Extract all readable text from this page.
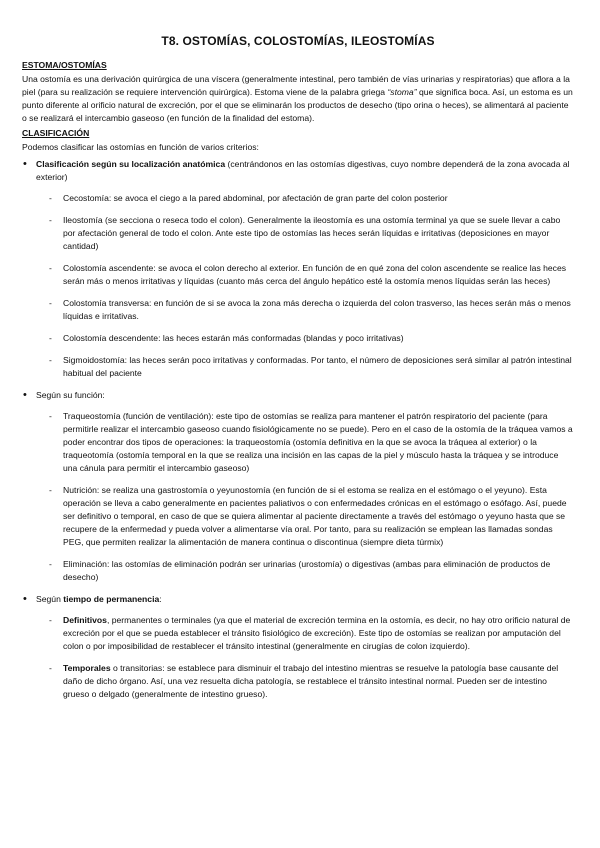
T8. OSTOMÍAS, COLOSTOMÍAS, ILEOSTOMÍAS
ESTOMA/OSTOMÍAS

Una ostomía es una derivación quirúrgica de una víscera (generalmente intestinal, pero también de vías urinarias y respiratorias) que aflora a la piel (para su realización se requiere intervención quirúrgica). Estoma viene de la palabra griega “stoma” que significa boca. Así, un estoma es un punto diferente al orificio natural de excreción, por el que se eliminarán los productos de desecho (tipo orina o heces), se alimentará al paciente o se realizará el intercambio gaseoso (en función de la finalidad del estoma).

CLASIFICACIÓN

Podemos clasificar las ostomías en función de varios criterios:

• Clasificación según su localización anatómica (centrándonos en las ostomías digestivas, cuyo nombre dependerá de la zona avocada al exterior)
- Cecostomía: se avoca el ciego a la pared abdominal, por afectación de gran parte del colon posterior
- Ileostomía (se secciona o reseca todo el colon). Generalmente la ileostomía es una ostomía terminal ya que se suele llevar a cabo por afectación general de todo el colon. Ante este tipo de ostomías las heces serán líquidas e irritativas (deposiciones en mayor cantidad)
- Colostomía ascendente: se avoca el colon derecho al exterior. En función de en qué zona del colon ascendente se realice las heces serán más o menos irritativas y líquidas (cuanto más cerca del ángulo hepático esté la ostomía menos líquidas serán las heces)
- Colostomía transversa: en función de si se avoca la zona más derecha o izquierda del colon trasverso, las heces serán más o menos líquidas e irritativas.
- Colostomía descendente: las heces estarán más conformadas (blandas y poco irritativas)
- Sigmoidostomía: las heces serán poco irritativas y conformadas. Por tanto, el número de deposiciones será similar al patrón intestinal habitual del paciente
• Según su función:
- Traqueostomía (función de ventilación): este tipo de ostomías se realiza para mantener el patrón respiratorio del paciente (para permitirle realizar el intercambio gaseoso cuando fisiológicamente no se puede). Pero en el caso de la ostomía de la tráquea vamos a poder encontrar dos tipos de operaciones: la traqueostomía (ostomía definitiva en la que se avoca la tráquea al exterior) o la traqueotomía (ostomía temporal en la que se realiza una incisión en las capas de la piel y músculo hasta la tráquea y se introduce una cánula para permitir el intercambio gaseoso)
- Nutrición: se realiza una gastrostomía o yeyunostomía (en función de si el estoma se realiza en el estómago o el yeyuno). Esta operación se lleva a cabo generalmente en pacientes paliativos o con enfermedades crónicas en el estómago o esófago. Así, puede ser definitivo o temporal, en caso de que se quiera alimentar al paciente directamente a través del estómago o yeyuno hasta que se recupere de la enfermedad y pueda volver a alimentarse vía oral. Por tanto, para su realización se emplean las llamadas sondas PEG, que permiten realizar la alimentación de manera continua o discontinua (siempre dieta túrmix)
- Eliminación: las ostomías de eliminación podrán ser urinarias (urostomía) o digestivas (ambas para eliminación de productos de desecho)
• Según tiempo de permanencia:
- Definitivos, permanentes o terminales (ya que el material de excreción termina en la ostomía, es decir, no hay otro orificio natural de excreción por el que se pueda establecer el tránsito fisiológico de excreción). Este tipo de ostomías se realizan por amputación del colon o por imposibilidad de restablecer el tránsito intestinal (generalmente en cirugías de colon izquierdo).
- Temporales o transitorias: se establece para disminuir el trabajo del intestino mientras se resuelve la patología base causante del daño de dicho órgano. Así, una vez resuelta dicha patología, se restablece el tránsito intestinal normal. Pueden ser de intestino grueso o delgado (generalmente de intestino grueso).
